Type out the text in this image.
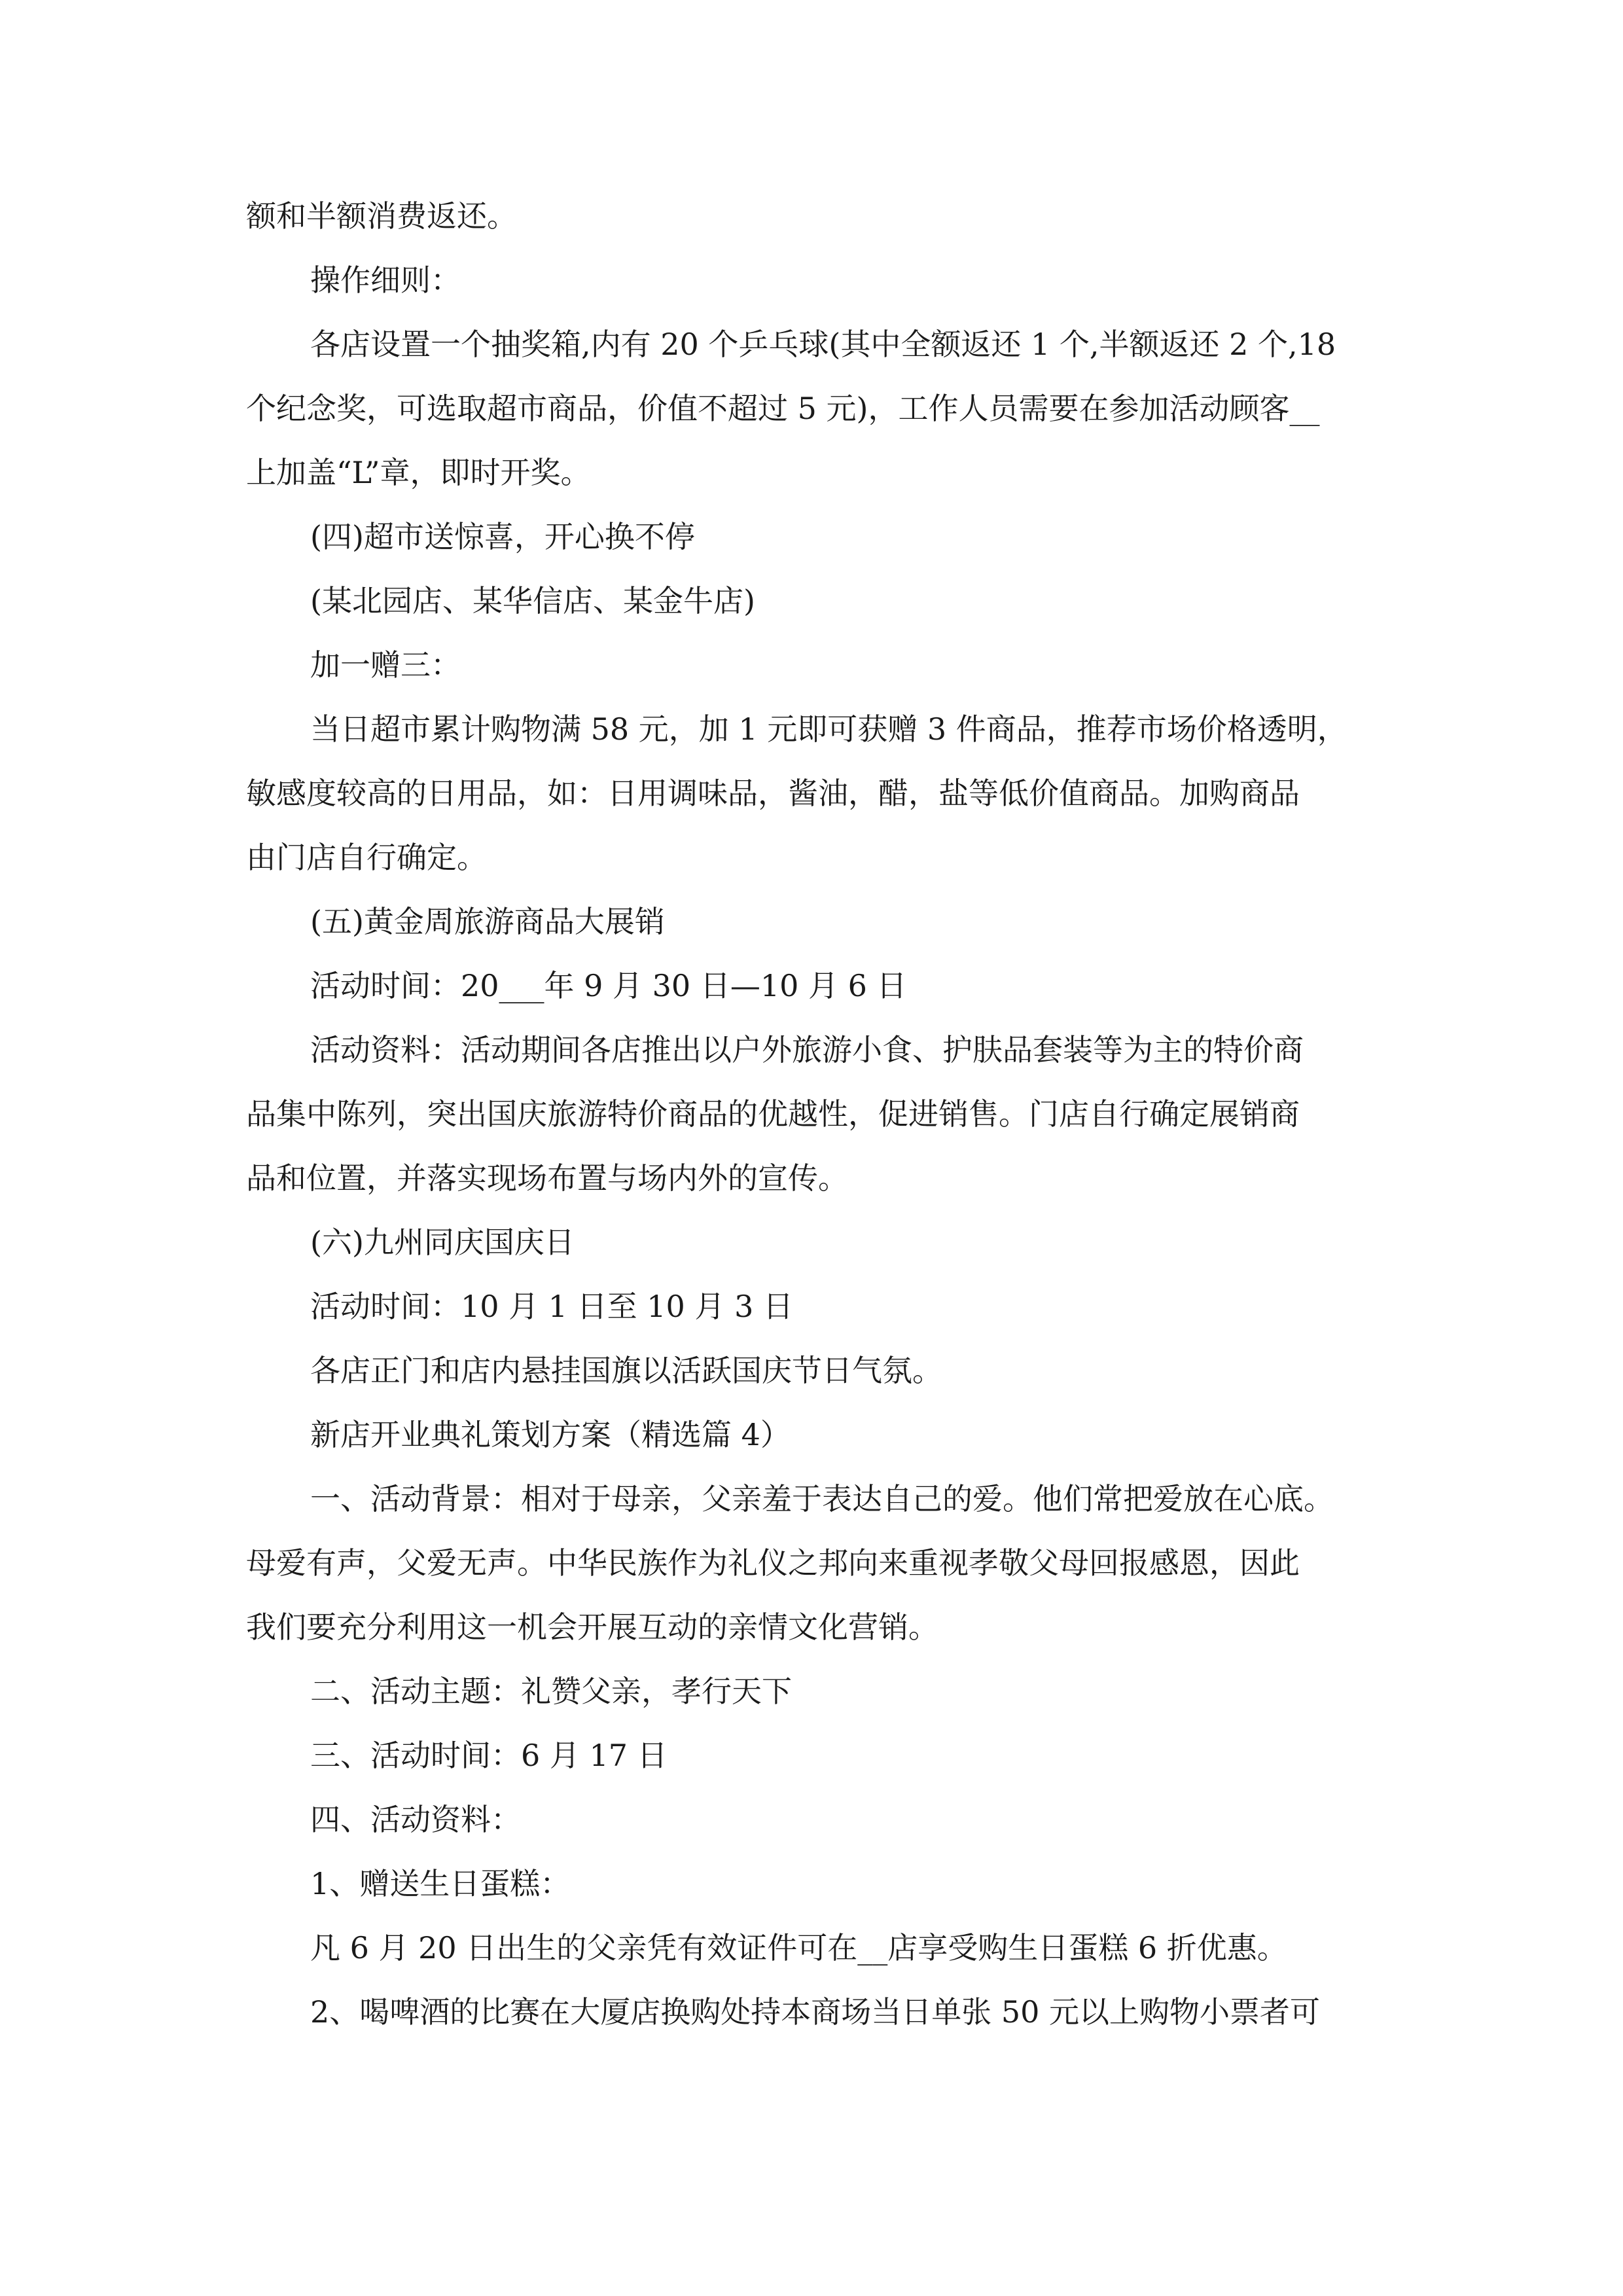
额和半额消费返还。
操作细则：
各店设置一个抽奖箱,内有 20 个乒乓球(其中全额返还 1 个,半额返还 2 个,18
个纪念奖，可选取超市商品，价值不超过 5 元)，工作人员需要在参加活动顾客__
上加盖“L”章，即时开奖。
(四)超市送惊喜，开心换不停
(某北园店、某华信店、某金牛店)
加一赠三：
当日超市累计购物满 58 元，加 1 元即可获赠 3 件商品，推荐市场价格透明，
敏感度较高的日用品，如：日用调味品，酱油，醋，盐等低价值商品。加购商品
由门店自行确定。
(五)黄金周旅游商品大展销
活动时间：20___年 9 月 30 日—10 月 6 日
活动资料：活动期间各店推出以户外旅游小食、护肤品套装等为主的特价商
品集中陈列，突出国庆旅游特价商品的优越性，促进销售。门店自行确定展销商
品和位置，并落实现场布置与场内外的宣传。
(六)九州同庆国庆日
活动时间：10 月 1 日至 10 月 3 日
各店正门和店内悬挂国旗以活跃国庆节日气氛。
新店开业典礼策划方案（精选篇 4）
一、活动背景：相对于母亲，父亲羞于表达自己的爱。他们常把爱放在心底。
母爱有声，父爱无声。中华民族作为礼仪之邦向来重视孝敬父母回报感恩，因此
我们要充分利用这一机会开展互动的亲情文化营销。
二、活动主题：礼赞父亲，孝行天下
三、活动时间：6 月 17 日
四、活动资料：
1、赠送生日蛋糕：
凡 6 月 20 日出生的父亲凭有效证件可在__店享受购生日蛋糕 6 折优惠。
2、喝啤酒的比赛在大厦店换购处持本商场当日单张 50 元以上购物小票者可
